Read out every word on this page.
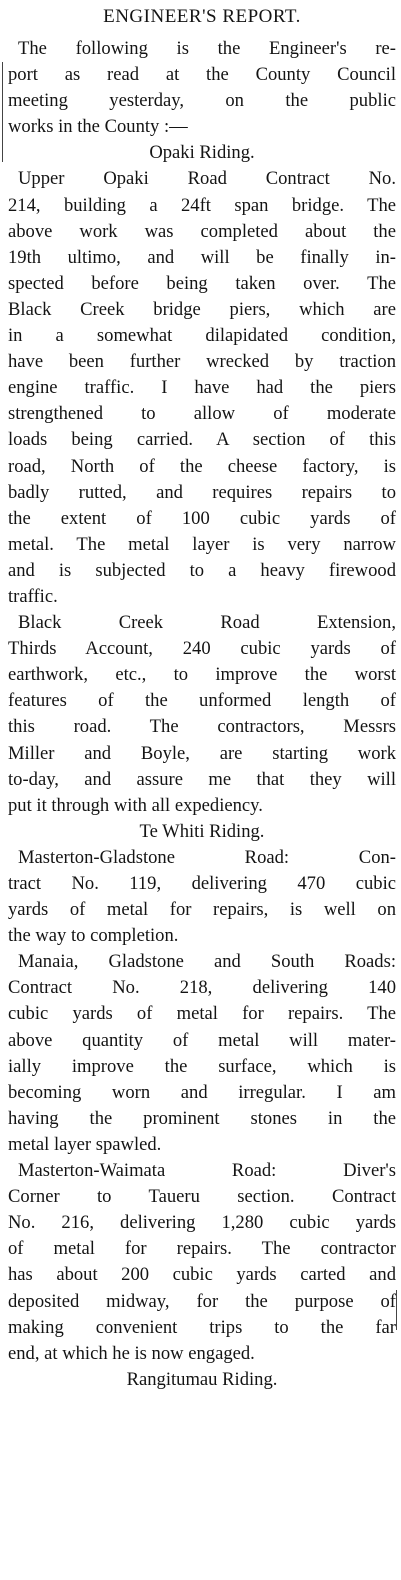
ENGINEER'S REPORT.
The following is the Engineer's re-
port as read at the County Council
meeting yesterday, on the public
works in the County :—
Opaki Riding.
Upper Opaki Road Contract No.
214, building a 24ft span bridge. The
above work was completed about the
19th ultimo, and will be finally in-
spected before being taken over. The
Black Creek bridge piers, which are
in a somewhat dilapidated condition,
have been further wrecked by traction
engine traffic. I have had the piers
strengthened to allow of moderate
loads being carried. A section of this
road, North of the cheese factory, is
badly rutted, and requires repairs to
the extent of 100 cubic yards of
metal. The metal layer is very narrow
and is subjected to a heavy firewood
traffic.
Black Creek Road Extension,
Thirds Account, 240 cubic yards of
earthwork, etc., to improve the worst
features of the unformed length of
this road. The contractors, Messrs
Miller and Boyle, are starting work
to-day, and assure me that they will
put it through with all expediency.
Te Whiti Riding.
Masterton-Gladstone Road: Con-
tract No. 119, delivering 470 cubic
yards of metal for repairs, is well on
the way to completion.
Manaia, Gladstone and South Roads:
Contract No. 218, delivering 140
cubic yards of metal for repairs. The
above quantity of metal will mater-
ially improve the surface, which is
becoming worn and irregular. I am
having the prominent stones in the
metal layer spawled.
Masterton-Waimata Road: Diver's
Corner to Taueru section. Contract
No. 216, delivering 1,280 cubic yards
of metal for repairs. The contractor
has about 200 cubic yards carted and
deposited midway, for the purpose of
making convenient trips to the far
end, at which he is now engaged.
Rangitumau Riding.
